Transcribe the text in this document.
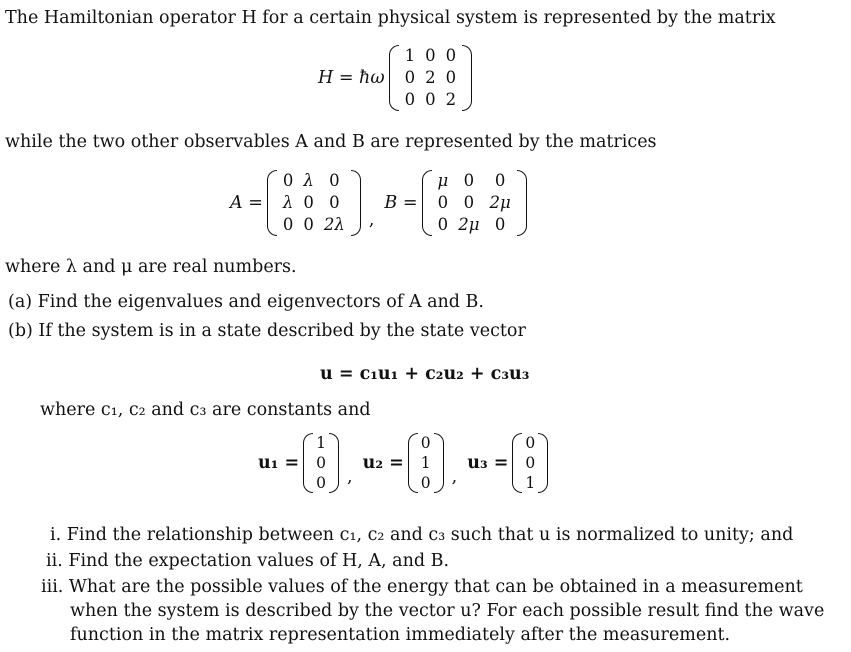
The Hamiltonian operator H for a certain physical system is represented by the matrix
H = ħω
1	0	0
0	2	0
0	0	2
while the two other observables A and B are represented by the matrices
A =
0	λ	0
λ	0	0
0	0	2λ ,
B =
μ	0	0
0	0	2μ
0	2μ	0
where λ and μ are real numbers.
(a) Find the eigenvalues and eigenvectors of A and B.
(b) If the system is in a state described by the state vector
u = c₁u₁ + c₂u₂ + c₃u₃
where c₁, c₂ and c₃ are constants and
u₁ =
1
0
0 ,
u₂ =
0
1
0 ,
u₃ =
0
0
1
i. Find the relationship between c₁, c₂ and c₃ such that u is normalized to unity; and
ii. Find the expectation values of H, A, and B.
iii. What are the possible values of the energy that can be obtained in a measurement
when the system is described by the vector u? For each possible result find the wave
function in the matrix representation immediately after the measurement.
